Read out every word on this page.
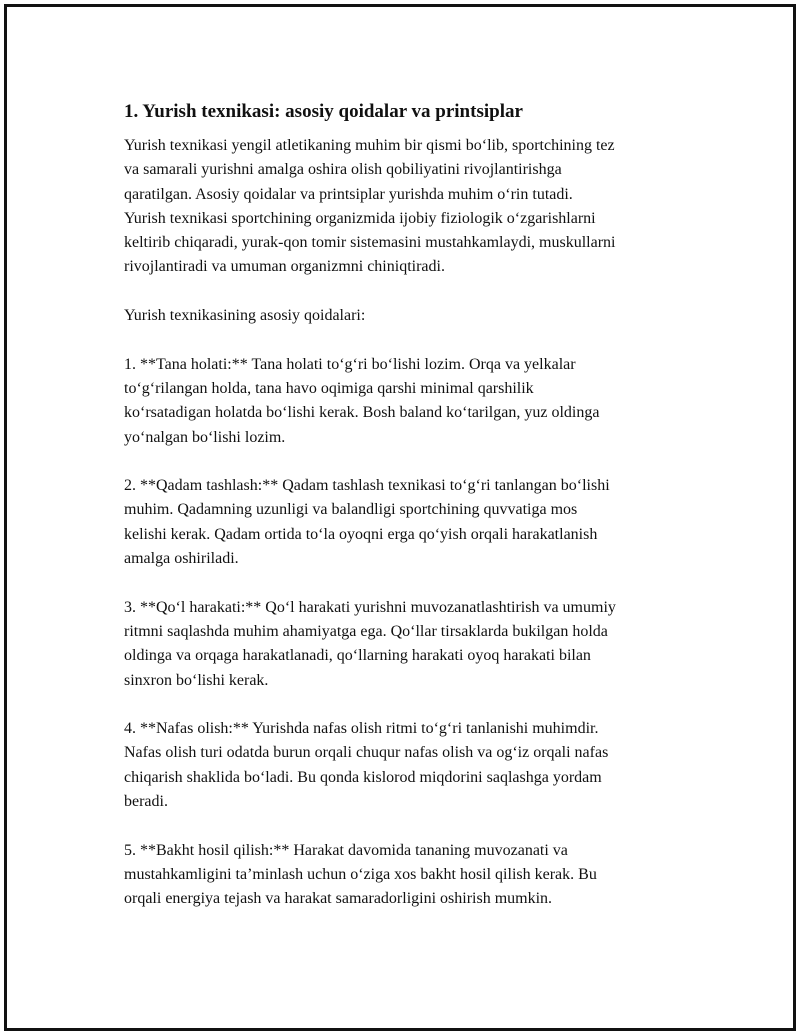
1. Yurish texnikasi: asosiy qoidalar va printsiplar

Yurish texnikasi yengil atletikaning muhim bir qismi bo‘lib, sportchining tez
va samarali yurishni amalga oshira olish qobiliyatini rivojlantirishga
qaratilgan. Asosiy qoidalar va printsiplar yurishda muhim o‘rin tutadi.
Yurish texnikasi sportchining organizmida ijobiy fiziologik o‘zgarishlarni
keltirib chiqaradi, yurak-qon tomir sistemasini mustahkamlaydi, muskullarni
rivojlantiradi va umuman organizmni chiniqtiradi.

Yurish texnikasining asosiy qoidalari:

1. **Tana holati:** Tana holati to‘g‘ri bo‘lishi lozim. Orqa va yelkalar
to‘g‘rilangan holda, tana havo oqimiga qarshi minimal qarshilik
ko‘rsatadigan holatda bo‘lishi kerak. Bosh baland ko‘tarilgan, yuz oldinga
yo‘nalgan bo‘lishi lozim.

2. **Qadam tashlash:** Qadam tashlash texnikasi to‘g‘ri tanlangan bo‘lishi
muhim. Qadamning uzunligi va balandligi sportchining quvvatiga mos
kelishi kerak. Qadam ortida to‘la oyoqni erga qo‘yish orqali harakatlanish
amalga oshiriladi.

3. **Qo‘l harakati:** Qo‘l harakati yurishni muvozanatlashtirish va umumiy
ritmni saqlashda muhim ahamiyatga ega. Qo‘llar tirsaklarda bukilgan holda
oldinga va orqaga harakatlanadi, qo‘llarning harakati oyoq harakati bilan
sinxron bo‘lishi kerak.

4. **Nafas olish:** Yurishda nafas olish ritmi to‘g‘ri tanlanishi muhimdir.
Nafas olish turi odatda burun orqali chuqur nafas olish va og‘iz orqali nafas
chiqarish shaklida bo‘ladi. Bu qonda kislorod miqdorini saqlashga yordam
beradi.

5. **Bakht hosil qilish:** Harakat davomida tananing muvozanati va
mustahkamligini ta’minlash uchun o‘ziga xos bakht hosil qilish kerak. Bu
orqali energiya tejash va harakat samaradorligini oshirish mumkin.
